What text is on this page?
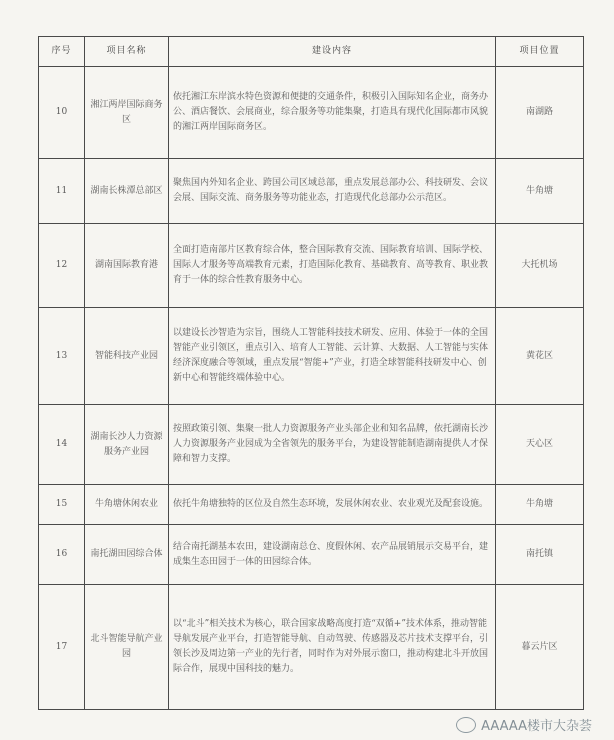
序号	项目名称	建设内容	项目位置
10	湘江两岸国际商务区	依托湘江东岸滨水特色资源和便捷的交通条件，积极引入国际知名企业，商务办公、酒店餐饮、会展商业，综合服务等功能集聚，打造具有现代化国际都市风貌的湘江两岸国际商务区。	南湖路
11	湖南长株潭总部区	聚焦国内外知名企业、跨国公司区域总部，重点发展总部办公、科技研发、会议会展、国际交流、商务服务等功能业态，打造现代化总部办公示范区。	牛角塘
12	湖南国际教育港	全面打造南部片区教育综合体，整合国际教育交流、国际教育培训、国际学校、国际人才服务等高端教育元素，打造国际化教育、基础教育、高等教育、职业教育于一体的综合性教育服务中心。	大托机场
13	智能科技产业园	以建设长沙智造为宗旨，围绕人工智能科技技术研发、应用、体验于一体的全国智能产业引领区，重点引入、培育人工智能、云计算、大数据、人工智能与实体经济深度融合等领域，重点发展“智能+”产业，打造全球智能科技研发中心、创新中心和智能终端体验中心。	黄花区
14	湖南长沙人力资源服务产业园	按照政策引领、集聚一批人力资源服务产业头部企业和知名品牌，依托湖南长沙人力资源服务产业园成为全省领先的服务平台，为建设智能制造湖南提供人才保障和智力支撑。	天心区
15	牛角塘休闲农业	依托牛角塘独特的区位及自然生态环境，发展休闲农业、农业观光及配套设施。	牛角塘
16	南托湖田园综合体	结合南托湖基本农田，建设湖南总仓、度假休闲、农产品展销展示交易平台，建成集生态田园于一体的田园综合体。	南托镇
17	北斗智能导航产业园	以“北斗”相关技术为核心，联合国家战略高度打造“双循+”技术体系，推动智能导航发展产业平台，打造智能导航、自动驾驶、传感器及芯片技术支撑平台，引领长沙及周边第一产业的先行者，同时作为对外展示窗口，推动构建北斗开放国际合作，展现中国科技的魅力。	暮云片区
AAAAA楼市大杂荟
